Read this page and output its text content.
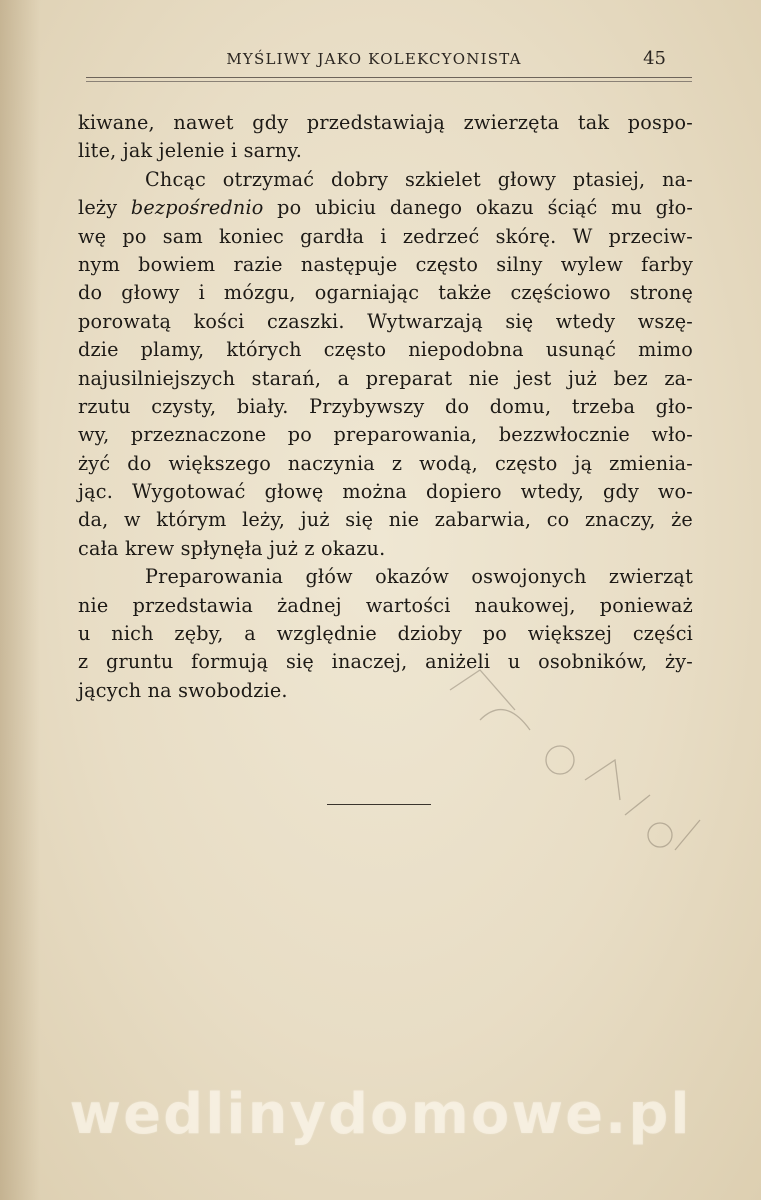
MYŚLIWY JAKO KOLEKCYONISTA	45
kiwane, nawet gdy przedstawiają zwierzęta tak pospo-
lite, jak jelenie i sarny.
Chcąc otrzymać dobry szkielet głowy ptasiej, na-
leży bezpośrednio po ubiciu danego okazu ściąć mu gło-
wę po sam koniec gardła i zedrzeć skórę. W przeciw-
nym bowiem razie następuje często silny wylew farby
do głowy i mózgu, ogarniając także częściowo stronę
porowatą kości czaszki. Wytwarzają się wtedy wszę-
dzie plamy, których często niepodobna usunąć mimo
najusilniejszych starań, a preparat nie jest już bez za-
rzutu czysty, biały. Przybywszy do domu, trzeba gło-
wy, przeznaczone po preparowania, bezzwłocznie wło-
żyć do większego naczynia z wodą, często ją zmienia-
jąc. Wygotować głowę można dopiero wtedy, gdy wo-
da, w którym leży, już się nie zabarwia, co znaczy, że
cała krew spłynęła już z okazu.
Preparowania głów okazów oswojonych zwierząt
nie przedstawia żadnej wartości naukowej, ponieważ
u nich zęby, a względnie dzioby po większej części
z gruntu formują się inaczej, aniżeli u osobników, ży-
jących na swobodzie.
wedlinydomowe.pl
